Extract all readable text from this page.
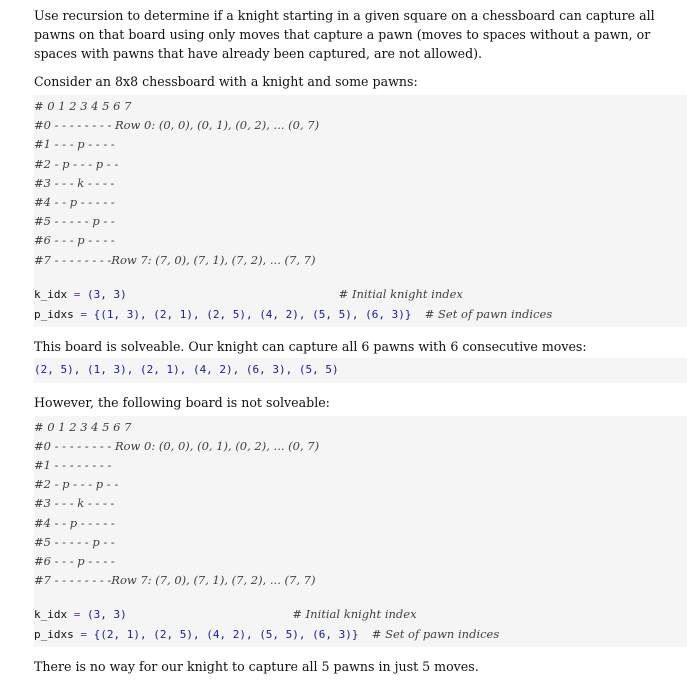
Use recursion to determine if a knight starting in a given square on a chessboard can capture all pawns on that board using only moves that capture a pawn (moves to spaces without a pawn, or spaces with pawns that have already been captured, are not allowed).

Consider an 8x8 chessboard with a knight and some pawns:

# 0 1 2 3 4 5 6 7
#0 - - - - - - - - Row 0: (0, 0), (0, 1), (0, 2), ... (0, 7)
#1 - - - p - - - -
#2 - p - - - p - -
#3 - - - k - - - -
#4 - - p - - - - -
#5 - - - - - p - -
#6 - - - p - - - -
#7 - - - - - - - -Row 7: (7, 0), (7, 1), (7, 2), ... (7, 7)
k_idx = (3, 3)	# Initial knight index
p_idxs = {(1, 3), (2, 1), (2, 5), (4, 2), (5, 5), (6, 3)} # Set of pawn indices

This board is solveable. Our knight can capture all 6 pawns with 6 consecutive moves:

(2, 5), (1, 3), (2, 1), (4, 2), (6, 3), (5, 5)

However, the following board is not solveable:

# 0 1 2 3 4 5 6 7
#0 - - - - - - - - Row 0: (0, 0), (0, 1), (0, 2), ... (0, 7)
#1 - - - - - - - -
#2 - p - - - p - -
#3 - - - k - - - -
#4 - - p - - - - -
#5 - - - - - p - -
#6 - - - p - - - -
#7 - - - - - - - -Row 7: (7, 0), (7, 1), (7, 2), ... (7, 7)
k_idx = (3, 3)	# Initial knight index
p_idxs = {(2, 1), (2, 5), (4, 2), (5, 5), (6, 3)} # Set of pawn indices

There is no way for our knight to capture all 5 pawns in just 5 moves.
